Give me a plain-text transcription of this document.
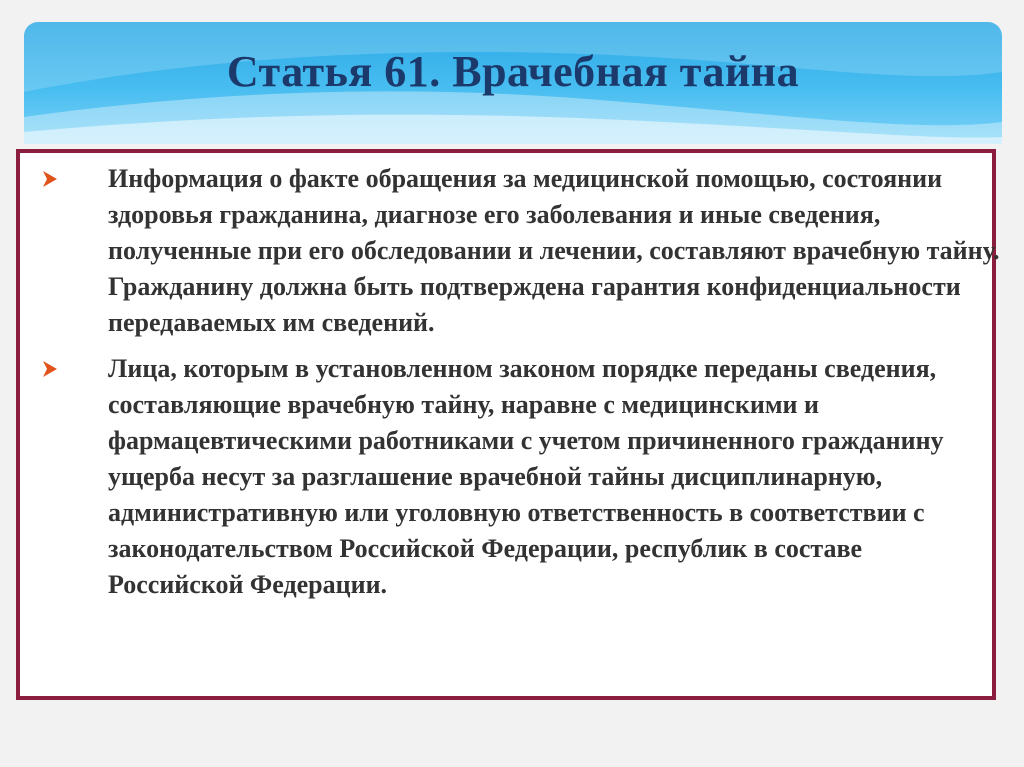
Статья 61. Врачебная тайна
Информация о факте обращения за медицинской помощью, состоянии здоровья гражданина, диагнозе его заболевания и иные сведения, полученные при его обследовании и лечении, составляют врачебную тайну. Гражданину должна быть подтверждена гарантия конфиденциальности передаваемых им сведений.
Лица, которым в установленном законом порядке переданы сведения, составляющие врачебную тайну, наравне с медицинскими и фармацевтическими работниками с учетом причиненного гражданину ущерба несут за разглашение врачебной тайны дисциплинарную, административную или уголовную ответственность в соответствии с законодательством Российской Федерации, республик в составе Российской Федерации.
